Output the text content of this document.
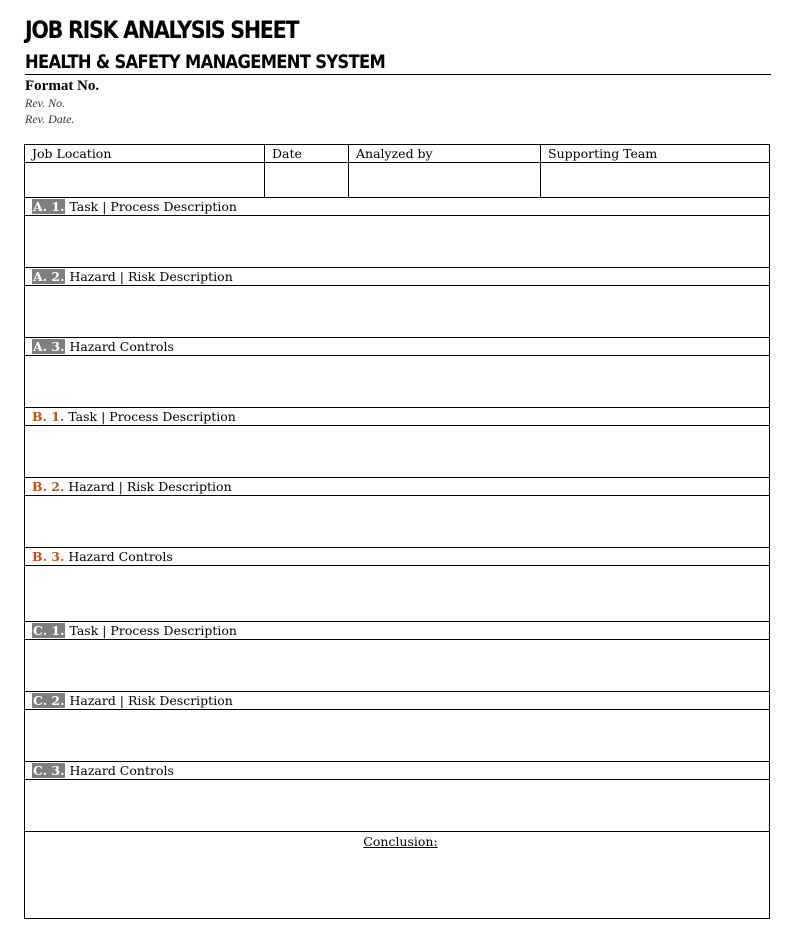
JOB RISK ANALYSIS SHEET
HEALTH & SAFETY MANAGEMENT SYSTEM
Format No.
Rev. No.
Rev. Date.
Job Location	Date	Analyzed by	Supporting Team

A. 1. Task | Process Description			

A. 2. Hazard | Risk Description			

A. 3. Hazard Controls			

B. 1. Task | Process Description			

B. 2. Hazard | Risk Description			

B. 3. Hazard Controls			

C. 1. Task | Process Description			

C. 2. Hazard | Risk Description			

C. 3. Hazard Controls			

Conclusion:			
